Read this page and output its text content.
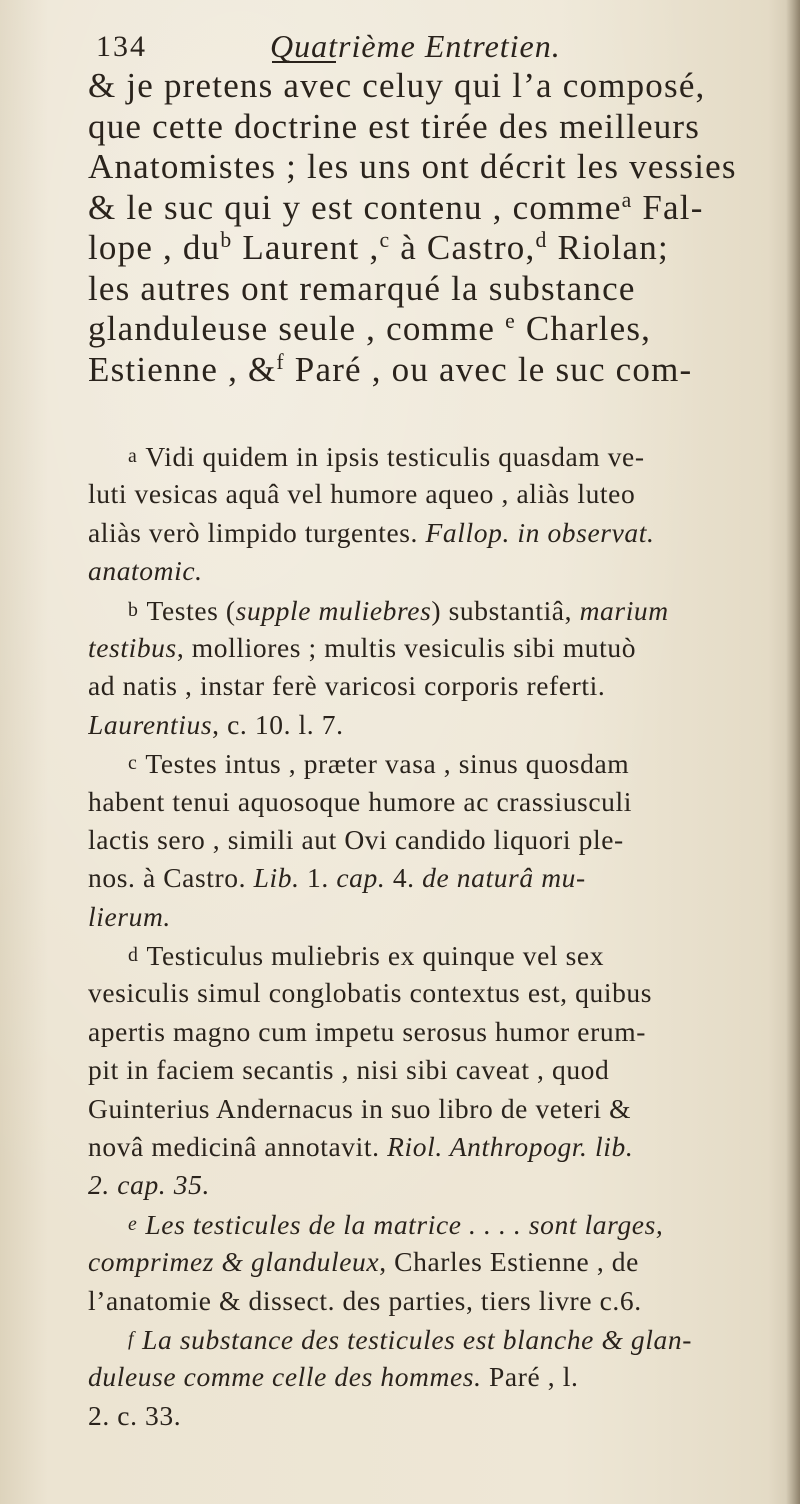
134	Quatrième Entretien.
& je pretens avec celuy qui l’a composé,
que cette doctrine est tirée des meilleurs
Anatomistes ; les uns ont décrit les vessies
& le suc qui y est contenu , comme$^a$ Fal-
lope , $du^b$ Laurent ,$^c$ à Castro,$^d$ Riolan;
les autres ont remarqué la substance
glanduleuse seule , comme $^e$ Charles,
Estienne , &$^f$ Paré , ou avec le suc com-
a Vidi quidem in ipsis testiculis quasdam ve-
luti vesicas aquâ vel humore aqueo , aliàs luteo
aliàs verò limpido turgentes. Fallop. in observat.
anatomic.
b Testes (supple muliebres) substantiâ, marium
testibus, molliores ; multis vesiculis sibi mutuò
ad natis , instar ferè varicosi corporis referti.
Laurentius, c. 10. l. 7.
c Testes intus , præter vasa , sinus quosdam
habent tenui aquosoque humore ac crassiusculi
lactis sero , simili aut Ovi candido liquori ple-
nos. à Castro. Lib. 1. cap. 4. de naturâ mu-
lierum.
d Testiculus muliebris ex quinque vel sex
vesiculis simul conglobatis contextus est, quibus
apertis magno cum impetu serosus humor erum-
pit in faciem secantis , nisi sibi caveat , quod
Guinterius Andernacus in suo libro de veteri &
novâ medicinâ annotavit. Riol. Anthropogr. lib.
2. cap. 35.
e Les testicules de la matrice . . . . sont larges,
comprimez & glanduleux, Charles Estienne , de
l’anatomie & dissect. des parties, tiers livre c.6.
f La substance des testicules est blanche & glan-
duleuse comme celle des hommes. Paré , l.
2. c. 33.
